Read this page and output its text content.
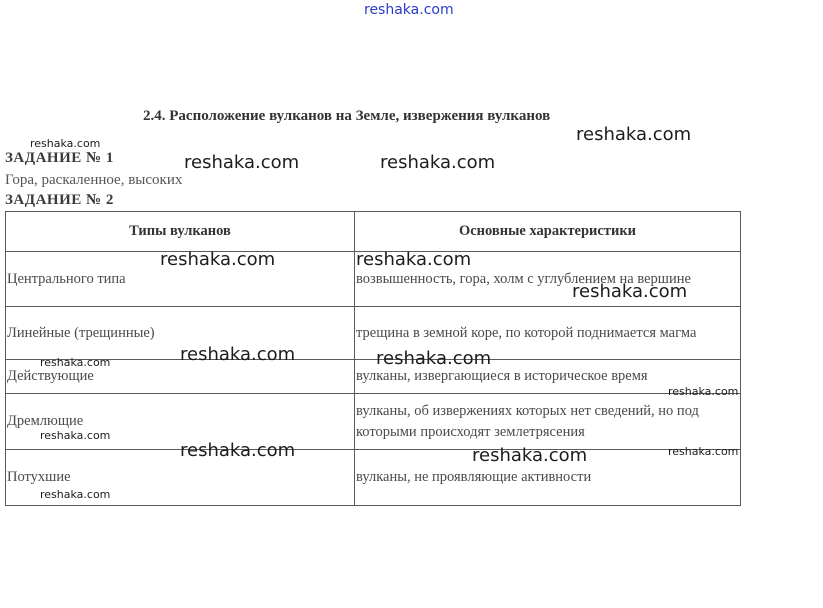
reshaka.com
2.4. Расположение вулканов на Земле, извержения вулканов
ЗАДАНИЕ № 1
Гора, раскаленное, высоких
ЗАДАНИЕ № 2
Типы вулканов	Основные характеристики
Центрального типа	возвышенность, гора, холм с углублением на вершине
Линейные (трещинные)	трещина в земной коре, по которой поднимается магма
Действующие	вулканы, извергающиеся в историческое время
Дремлющие	вулканы, об извержениях которых нет сведений, но под которыми происходят землетрясения
Потухшие	вулканы, не проявляющие активности
reshaka.com
reshaka.com
reshaka.com	reshaka.com
reshaka.com	reshaka.com
reshaka.com
reshaka.com	reshaka.com
reshaka.com
reshaka.com
reshaka.com
reshaka.com	reshaka.com
reshaka.com
reshaka.com
